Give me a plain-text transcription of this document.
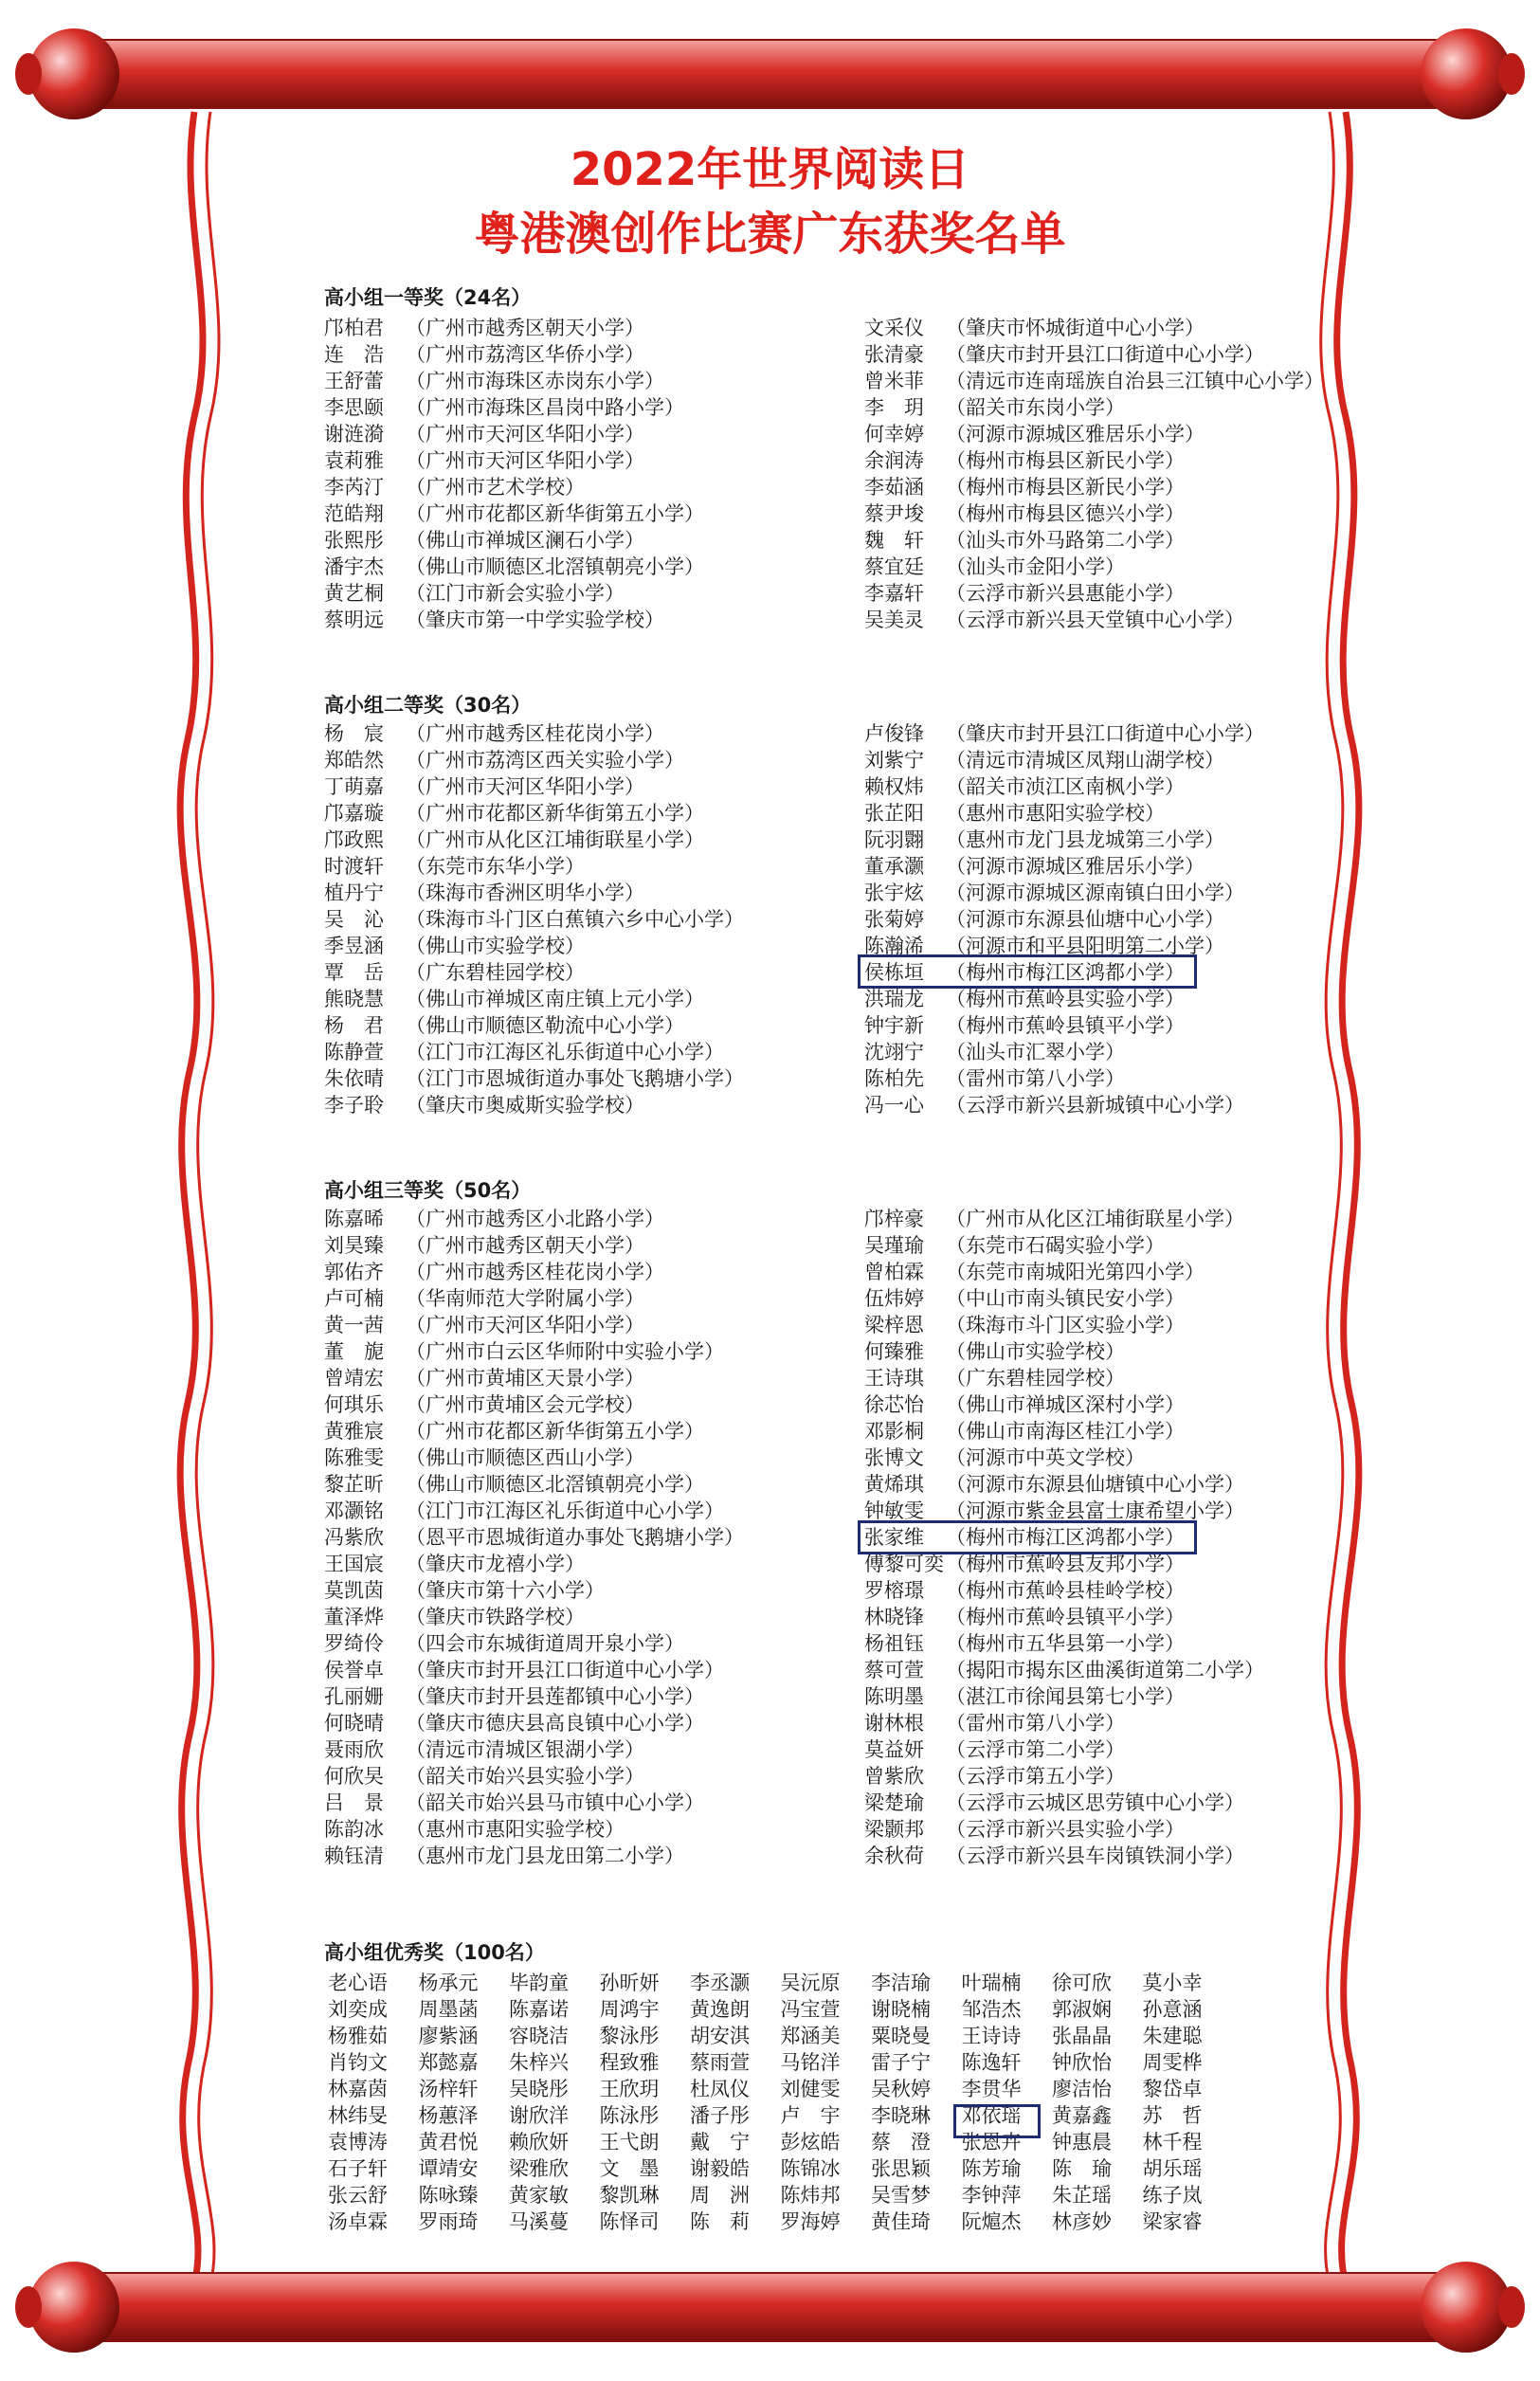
2022年世界阅读日
粤港澳创作比赛广东获奖名单
高小组一等奖（24名）
邝柏君 （广州市越秀区朝天小学）
连　浩 （广州市荔湾区华侨小学）
王舒蕾 （广州市海珠区赤岗东小学）
李思颐 （广州市海珠区昌岗中路小学）
谢涟漪 （广州市天河区华阳小学）
袁莉雅 （广州市天河区华阳小学）
李芮汀 （广州市艺术学校）
范皓翔 （广州市花都区新华街第五小学）
张熙彤 （佛山市禅城区澜石小学）
潘宇杰 （佛山市顺德区北滘镇朝亮小学）
黄艺桐 （江门市新会实验小学）
蔡明远 （肇庆市第一中学实验学校）
文采仪 （肇庆市怀城街道中心小学）
张清豪 （肇庆市封开县江口街道中心小学）
曾米菲 （清远市连南瑶族自治县三江镇中心小学）
李　玥 （韶关市东岗小学）
何幸婷 （河源市源城区雅居乐小学）
余润涛 （梅州市梅县区新民小学）
李茹涵 （梅州市梅县区新民小学）
蔡尹埈 （梅州市梅县区德兴小学）
魏　轩 （汕头市外马路第二小学）
蔡宜廷 （汕头市金阳小学）
李嘉轩 （云浮市新兴县惠能小学）
吴美灵 （云浮市新兴县天堂镇中心小学）
高小组二等奖（30名）
杨　宸 （广州市越秀区桂花岗小学）
郑皓然 （广州市荔湾区西关实验小学）
丁萌嘉 （广州市天河区华阳小学）
邝嘉璇 （广州市花都区新华街第五小学）
邝政熙 （广州市从化区江埔街联星小学）
时渡轩 （东莞市东华小学）
植丹宁 （珠海市香洲区明华小学）
吴　沁 （珠海市斗门区白蕉镇六乡中心小学）
季昱涵 （佛山市实验学校）
覃　岳 （广东碧桂园学校）
熊晓慧 （佛山市禅城区南庄镇上元小学）
杨　君 （佛山市顺德区勒流中心小学）
陈静萱 （江门市江海区礼乐街道中心小学）
朱依晴 （江门市恩城街道办事处飞鹅塘小学）
李子聆 （肇庆市奥威斯实验学校）
卢俊锋 （肇庆市封开县江口街道中心小学）
刘紫宁 （清远市清城区凤翔山湖学校）
赖权炜 （韶关市浈江区南枫小学）
张芷阳 （惠州市惠阳实验学校）
阮羽翾 （惠州市龙门县龙城第三小学）
董承灏 （河源市源城区雅居乐小学）
张宇炫 （河源市源城区源南镇白田小学）
张菊婷 （河源市东源县仙塘中心小学）
陈瀚浠 （河源市和平县阳明第二小学）
侯栋垣 （梅州市梅江区鸿都小学）
洪瑞龙 （梅州市蕉岭县实验小学）
钟宇新 （梅州市蕉岭县镇平小学）
沈翊宁 （汕头市汇翠小学）
陈柏先 （雷州市第八小学）
冯一心 （云浮市新兴县新城镇中心小学）
高小组三等奖（50名）
陈嘉晞 （广州市越秀区小北路小学）
刘昊臻 （广州市越秀区朝天小学）
郭佑齐 （广州市越秀区桂花岗小学）
卢可楠 （华南师范大学附属小学）
黄一茜 （广州市天河区华阳小学）
董　旎 （广州市白云区华师附中实验小学）
曾靖宏 （广州市黄埔区天景小学）
何琪乐 （广州市黄埔区会元学校）
黄雅宸 （广州市花都区新华街第五小学）
陈雅雯 （佛山市顺德区西山小学）
黎芷昕 （佛山市顺德区北滘镇朝亮小学）
邓灏铭 （江门市江海区礼乐街道中心小学）
冯紫欣 （恩平市恩城街道办事处飞鹅塘小学）
王国宸 （肇庆市龙禧小学）
莫凯茵 （肇庆市第十六小学）
董泽烨 （肇庆市铁路学校）
罗绮伶 （四会市东城街道周开泉小学）
侯誉卓 （肇庆市封开县江口街道中心小学）
孔丽姗 （肇庆市封开县莲都镇中心小学）
何晓晴 （肇庆市德庆县高良镇中心小学）
聂雨欣 （清远市清城区银湖小学）
何欣旲 （韶关市始兴县实验小学）
吕　景 （韶关市始兴县马市镇中心小学）
陈韵冰 （惠州市惠阳实验学校）
赖钰清 （惠州市龙门县龙田第二小学）
邝梓豪 （广州市从化区江埔街联星小学）
吴瑾瑜 （东莞市石碣实验小学）
曾柏霖 （东莞市南城阳光第四小学）
伍炜婷 （中山市南头镇民安小学）
梁梓恩 （珠海市斗门区实验小学）
何臻雅 （佛山市实验学校）
王诗琪 （广东碧桂园学校）
徐芯怡 （佛山市禅城区深村小学）
邓影桐 （佛山市南海区桂江小学）
张博文 （河源市中英文学校）
黄烯琪 （河源市东源县仙塘镇中心小学）
钟敏雯 （河源市紫金县富士康希望小学）
张家维 （梅州市梅江区鸿都小学）
傅黎可奕（梅州市蕉岭县友邦小学）
罗榕璟 （梅州市蕉岭县桂岭学校）
林晓锋 （梅州市蕉岭县镇平小学）
杨祖钰 （梅州市五华县第一小学）
蔡可萱 （揭阳市揭东区曲溪街道第二小学）
陈明墨 （湛江市徐闻县第七小学）
谢林根 （雷州市第八小学）
莫益妍 （云浮市第二小学）
曾紫欣 （云浮市第五小学）
梁楚瑜 （云浮市云城区思劳镇中心小学）
梁颢邦 （云浮市新兴县实验小学）
余秋荷 （云浮市新兴县车岗镇铁洞小学）
高小组优秀奖（100名）
老心语	杨承元	毕韵童	孙昕妍	李丞灏	吴沅原	李洁瑜	叶瑞楠	徐可欣	莫小幸
刘奕成	周墨菡	陈嘉诺	周鸿宇	黄逸朗	冯宝萱	谢晓楠	邹浩杰	郭淑娴	孙意涵
杨雅茹	廖紫涵	容晓洁	黎泳彤	胡安淇	郑涵美	粟晓曼	王诗诗	张晶晶	朱建聪
肖钧文	郑懿嘉	朱梓兴	程致雅	蔡雨萱	马铭洋	雷子宁	陈逸轩	钟欣怡	周雯桦
林嘉茵	汤梓轩	吴晓彤	王欣玥	杜凤仪	刘健雯	吴秋婷	李贯华	廖洁怡	黎岱卓
林纬旻	杨蕙泽	谢欣洋	陈泳彤	潘子彤	卢　宇	李晓琳	邓依瑶	黄嘉鑫	苏　哲
袁博涛	黄君悦	赖欣妍	王弋朗	戴　宁	彭炫皓	蔡　澄	张恩卉	钟惠晨	林千程
石子轩	谭靖安	梁雅欣	文　墨	谢毅皓	陈锦冰	张思颖	陈芳瑜	陈　瑜	胡乐瑶
张云舒	陈咏臻	黄家敏	黎凯琳	周　洲	陈炜邦	吴雪梦	李钟萍	朱芷瑶	练子岚
汤卓霖	罗雨琦	马溪蔓	陈怿司	陈　莉	罗海婷	黄佳琦	阮熩杰	林彦妙	梁家睿
